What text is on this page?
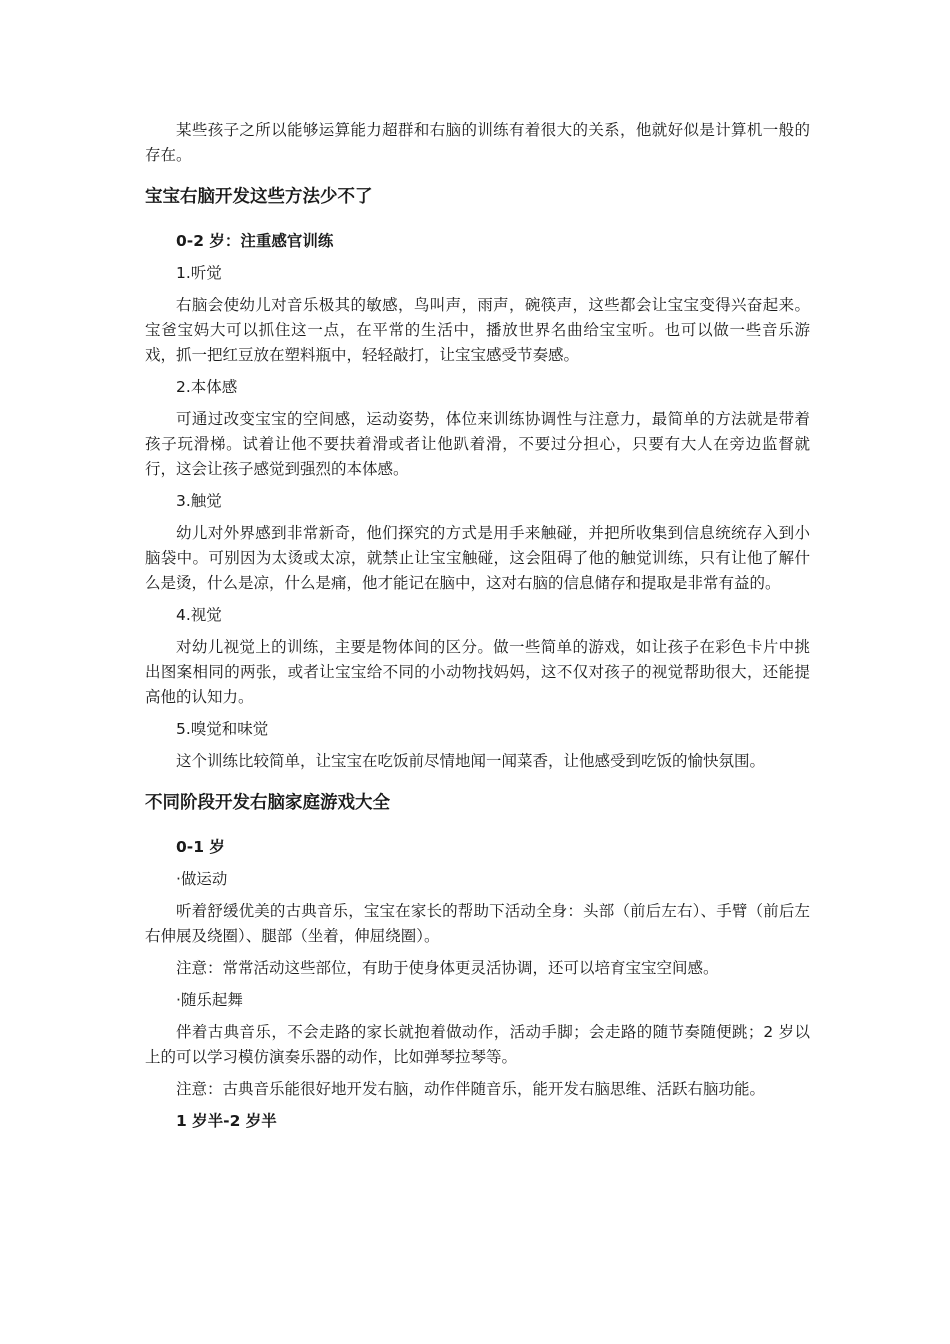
某些孩子之所以能够运算能力超群和右脑的训练有着很大的关系，他就好似是计算机一般的存在。

宝宝右脑开发这些方法少不了

0-2 岁：注重感官训练

1.听觉

右脑会使幼儿对音乐极其的敏感，鸟叫声，雨声，碗筷声，这些都会让宝宝变得兴奋起来。宝爸宝妈大可以抓住这一点，在平常的生活中，播放世界名曲给宝宝听。也可以做一些音乐游戏，抓一把红豆放在塑料瓶中，轻轻敲打，让宝宝感受节奏感。

2.本体感

可通过改变宝宝的空间感，运动姿势，体位来训练协调性与注意力，最简单的方法就是带着孩子玩滑梯。试着让他不要扶着滑或者让他趴着滑，不要过分担心，只要有大人在旁边监督就行，这会让孩子感觉到强烈的本体感。

3.触觉

幼儿对外界感到非常新奇，他们探究的方式是用手来触碰，并把所收集到信息统统存入到小脑袋中。可别因为太烫或太凉，就禁止让宝宝触碰，这会阻碍了他的触觉训练，只有让他了解什么是烫，什么是凉，什么是痛，他才能记在脑中，这对右脑的信息储存和提取是非常有益的。

4.视觉

对幼儿视觉上的训练，主要是物体间的区分。做一些简单的游戏，如让孩子在彩色卡片中挑出图案相同的两张，或者让宝宝给不同的小动物找妈妈，这不仅对孩子的视觉帮助很大，还能提高他的认知力。

5.嗅觉和味觉

这个训练比较简单，让宝宝在吃饭前尽情地闻一闻菜香，让他感受到吃饭的愉快氛围。

不同阶段开发右脑家庭游戏大全

0-1 岁

·做运动

听着舒缓优美的古典音乐，宝宝在家长的帮助下活动全身：头部（前后左右）、手臂（前后左右伸展及绕圈）、腿部（坐着，伸屈绕圈）。

注意：常常活动这些部位，有助于使身体更灵活协调，还可以培育宝宝空间感。

·随乐起舞

伴着古典音乐，不会走路的家长就抱着做动作，活动手脚；会走路的随节奏随便跳；2 岁以上的可以学习模仿演奏乐器的动作，比如弹琴拉琴等。

注意：古典音乐能很好地开发右脑，动作伴随音乐，能开发右脑思维、活跃右脑功能。

1 岁半-2 岁半
